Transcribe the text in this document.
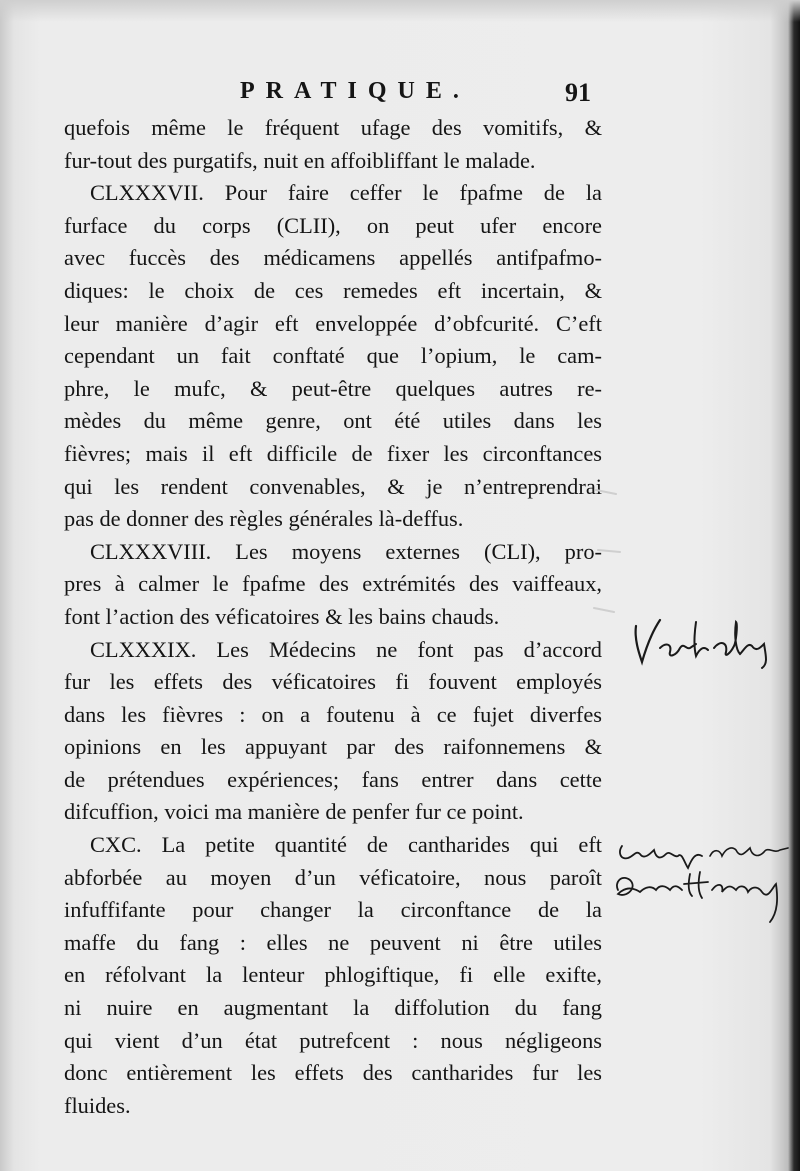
PRATIQUE.	91
quefois même le fréquent ufage des vomitifs, &
fur-tout des purgatifs, nuit en affoibliffant le malade.
CLXXXVII. Pour faire ceffer le fpafme de la
furface du corps (CLII), on peut ufer encore
avec fuccès des médicamens appellés antifpafmo-
diques: le choix de ces remedes eft incertain, &
leur manière d’agir eft enveloppée d’obfcurité. C’eft
cependant un fait conftaté que l’opium, le cam-
phre, le mufc, & peut-être quelques autres re-
mèdes du même genre, ont été utiles dans les
fièvres; mais il eft difficile de fixer les circonftances
qui les rendent convenables, & je n’entreprendrai
pas de donner des règles générales là-deffus.
CLXXXVIII. Les moyens externes (CLI), pro-
pres à calmer le fpafme des extrémités des vaiffeaux,
font l’action des véficatoires & les bains chauds.
CLXXXIX. Les Médecins ne font pas d’accord
fur les effets des véficatoires fi fouvent employés
dans les fièvres : on a foutenu à ce fujet diverfes
opinions en les appuyant par des raifonnemens &
de prétendues expériences; fans entrer dans cette
difcuffion, voici ma manière de penfer fur ce point.
CXC. La petite quantité de cantharides qui eft
abforbée au moyen d’un véficatoire, nous paroît
infuffifante pour changer la circonftance de la
maffe du fang : elles ne peuvent ni être utiles
en réfolvant la lenteur phlogiftique, fi elle exifte,
ni nuire en augmentant la diffolution du fang
qui vient d’un état putrefcent : nous négligeons
donc entièrement les effets des cantharides fur les
fluides.
